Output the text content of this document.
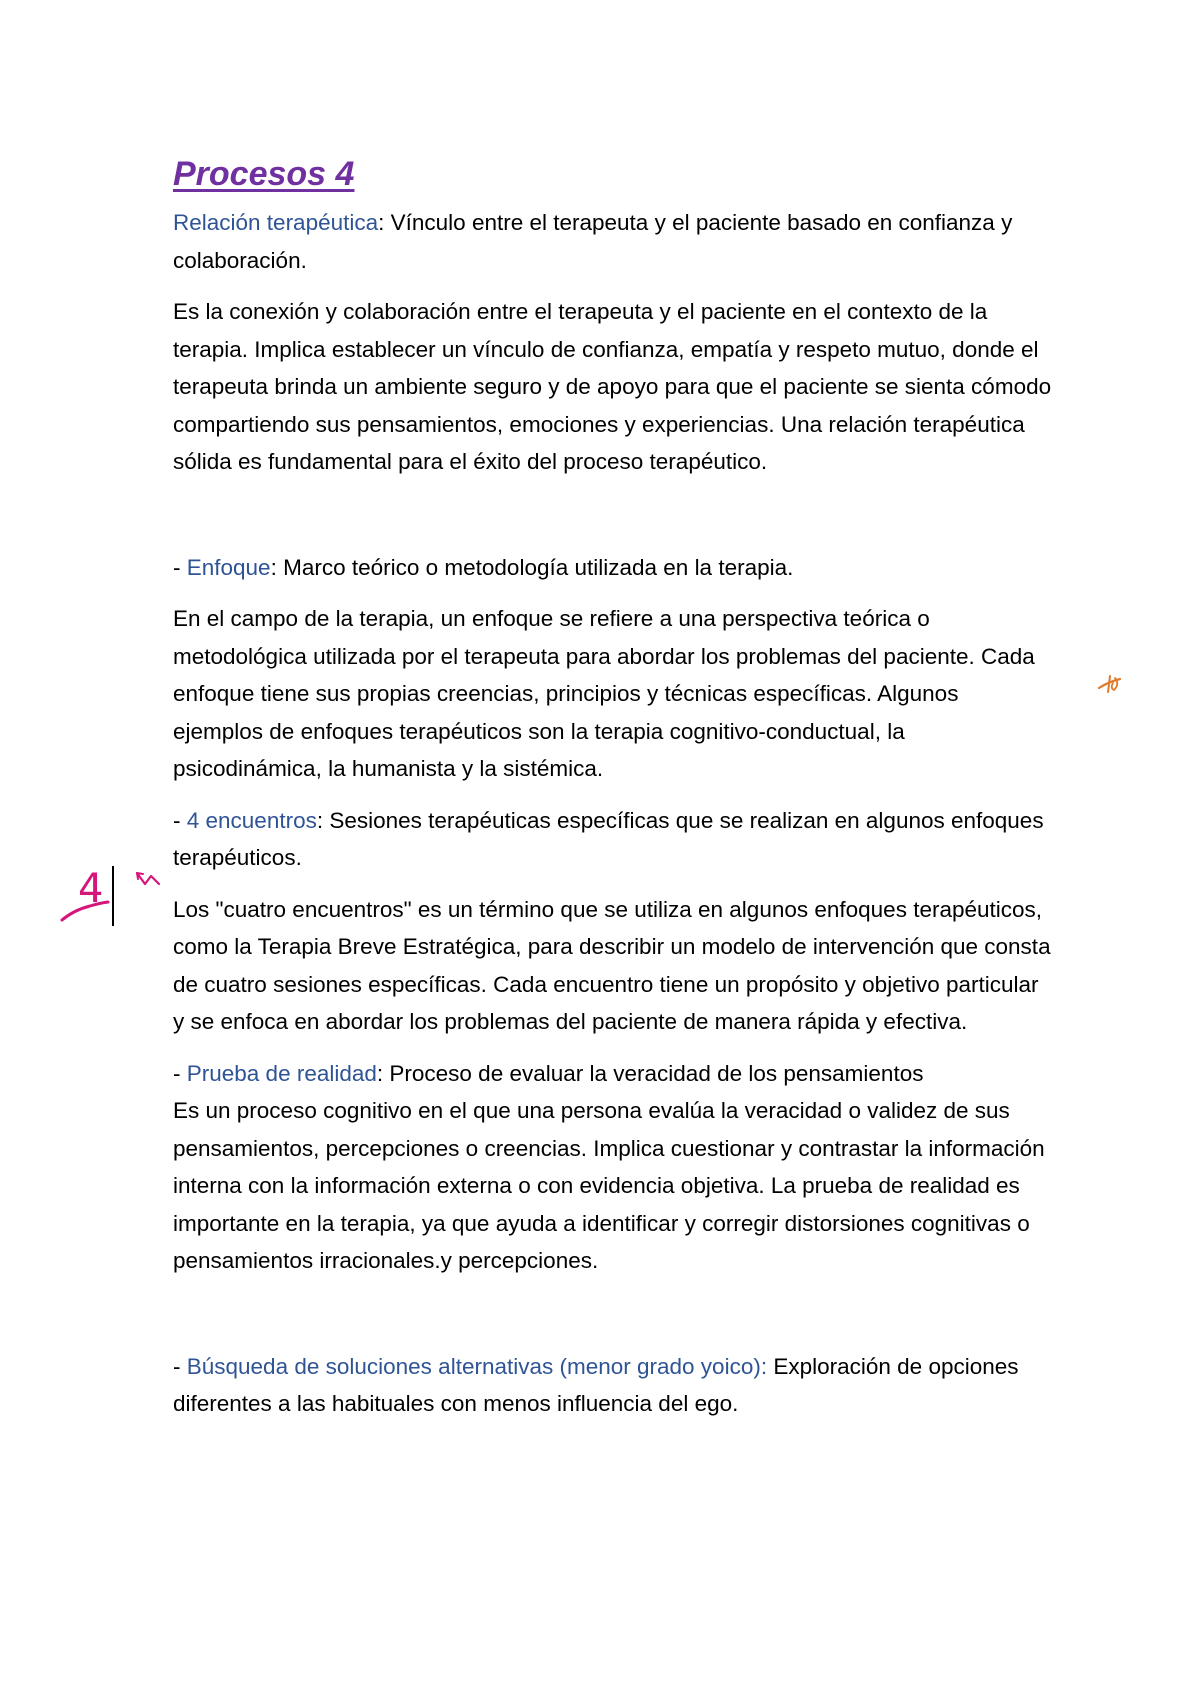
Procesos 4

Relación terapéutica: Vínculo entre el terapeuta y el paciente basado en confianza y colaboración.

Es la conexión y colaboración entre el terapeuta y el paciente en el contexto de la terapia. Implica establecer un vínculo de confianza, empatía y respeto mutuo, donde el terapeuta brinda un ambiente seguro y de apoyo para que el paciente se sienta cómodo compartiendo sus pensamientos, emociones y experiencias. Una relación terapéutica sólida es fundamental para el éxito del proceso terapéutico.

- Enfoque: Marco teórico o metodología utilizada en la terapia.

En el campo de la terapia, un enfoque se refiere a una perspectiva teórica o metodológica utilizada por el terapeuta para abordar los problemas del paciente. Cada enfoque tiene sus propias creencias, principios y técnicas específicas. Algunos ejemplos de enfoques terapéuticos son la terapia cognitivo-conductual, la psicodinámica, la humanista y la sistémica.

- 4 encuentros: Sesiones terapéuticas específicas que se realizan en algunos enfoques terapéuticos.

Los "cuatro encuentros" es un término que se utiliza en algunos enfoques terapéuticos, como la Terapia Breve Estratégica, para describir un modelo de intervención que consta de cuatro sesiones específicas. Cada encuentro tiene un propósito y objetivo particular y se enfoca en abordar los problemas del paciente de manera rápida y efectiva.

- Prueba de realidad: Proceso de evaluar la veracidad de los pensamientos

Es un proceso cognitivo en el que una persona evalúa la veracidad o validez de sus pensamientos, percepciones o creencias. Implica cuestionar y contrastar la información interna con la información externa o con evidencia objetiva. La prueba de realidad es importante en la terapia, ya que ayuda a identificar y corregir distorsiones cognitivas o pensamientos irracionales.y percepciones.

- Búsqueda de soluciones alternativas (menor grado yoico): Exploración de opciones diferentes a las habituales con menos influencia del ego.

4
